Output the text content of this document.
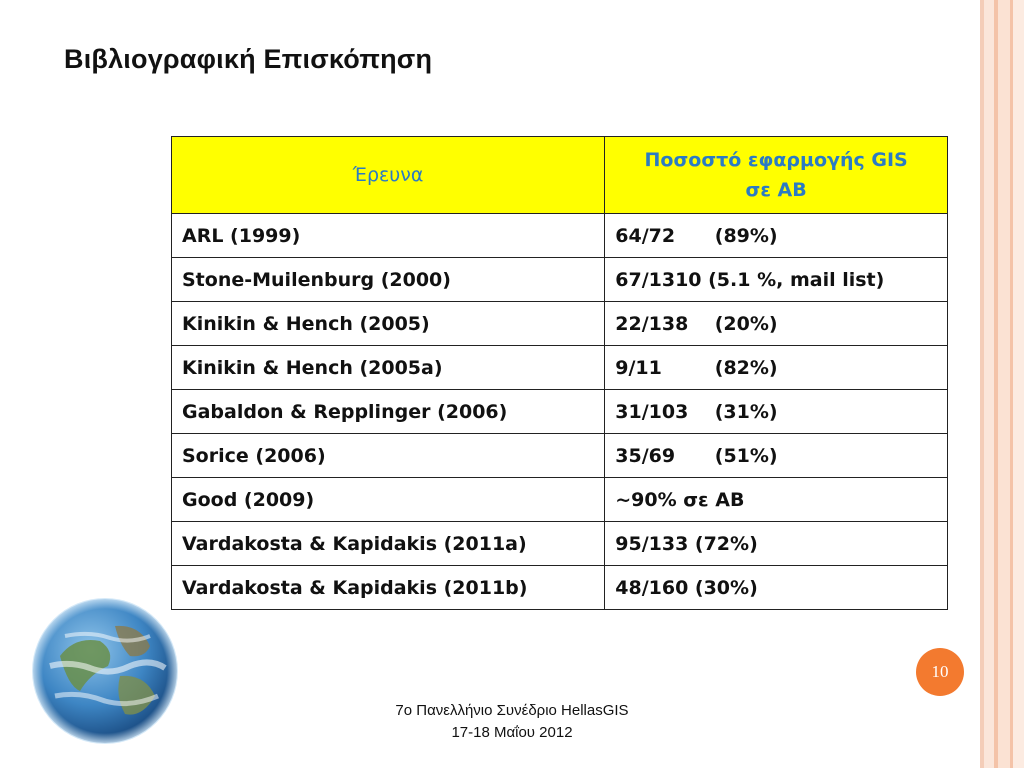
Βιβλιογραφική Επισκόπηση
Έρευνα	Ποσοστό εφαρμογής GIS
σε ΑΒ
ARL (1999)	64/72      (89%)
Stone-Muilenburg (2000)	67/1310 (5.1 %, mail list)
Kinikin & Hench (2005)	22/138    (20%)
Kinikin & Hench (2005a)	9/11        (82%)
Gabaldon & Repplinger (2006)	31/103    (31%)
Sorice (2006)	35/69      (51%)
Good (2009)	~90% σε ΑΒ
Vardakosta & Kapidakis (2011a)	95/133 (72%)
Vardakosta & Kapidakis (2011b)	48/160 (30%)
10
7ο Πανελλήνιο Συνέδριο HellasGIS
17-18 Μαΐου 2012
